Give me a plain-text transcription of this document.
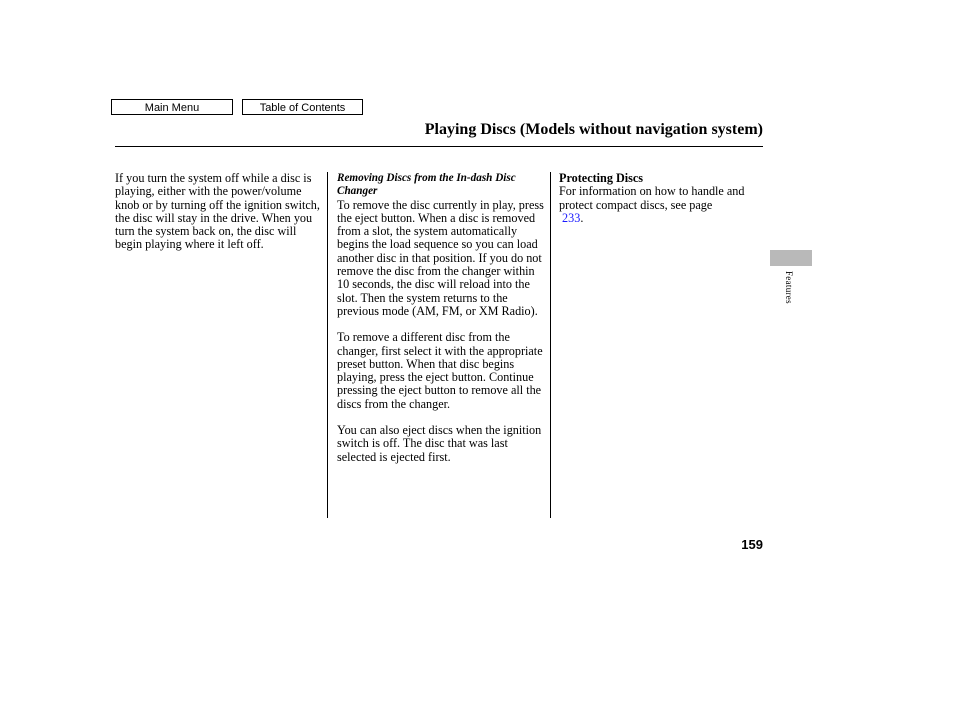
Main Menu	Table of Contents
Playing Discs (Models without navigation system)

If you turn the system off while a disc is playing, either with the power/volume knob or by turning off the ignition switch, the disc will stay in the drive. When you turn the system back on, the disc will begin playing where it left off.

Removing Discs from the In-dash Disc Changer

To remove the disc currently in play, press the eject button. When a disc is removed from a slot, the system automatically begins the load sequence so you can load another disc in that position. If you do not remove the disc from the changer within 10 seconds, the disc will reload into the slot. Then the system returns to the previous mode (AM, FM, or XM Radio).

To remove a different disc from the changer, first select it with the appropriate preset button. When that disc begins playing, press the eject button. Continue pressing the eject button to remove all the discs from the changer.

You can also eject discs when the ignition switch is off. The disc that was last selected is ejected first.

Protecting Discs

For information on how to handle and protect compact discs, see page
233.

Features
159
